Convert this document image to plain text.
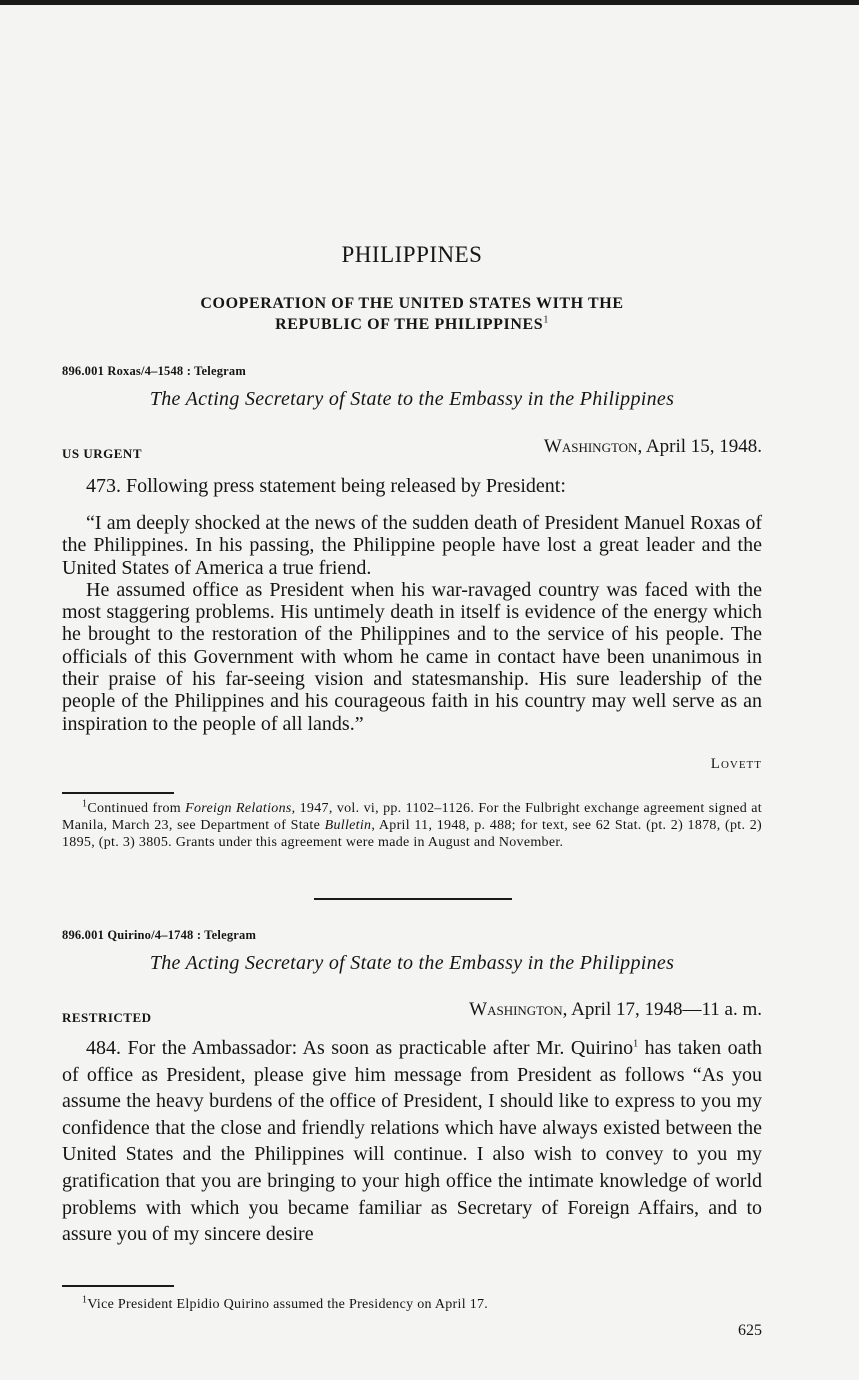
PHILIPPINES
COOPERATION OF THE UNITED STATES WITH THE
REPUBLIC OF THE PHILIPPINES$^1$
896.001 Roxas/4–1548 : Telegram
The Acting Secretary of State to the Embassy in the Philippines
US URGENT	Washington, April 15, 1948.

473. Following press statement being released by President:

“I am deeply shocked at the news of the sudden death of President Manuel Roxas of the Philippines. In his passing, the Philippine people have lost a great leader and the United States of America a true friend.

He assumed office as President when his war-ravaged country was faced with the most staggering problems. His untimely death in itself is evidence of the energy which he brought to the restoration of the Philippines and to the service of his people. The officials of this Government with whom he came in contact have been unanimous in their praise of his far-seeing vision and statesmanship. His sure leadership of the people of the Philippines and his courageous faith in his country may well serve as an inspiration to the people of all lands.”

Lovett

$^1$Continued from Foreign Relations, 1947, vol. vi, pp. 1102–1126. For the Fulbright exchange agreement signed at Manila, March 23, see Department of State Bulletin, April 11, 1948, p. 488; for text, see 62 Stat. (pt. 2) 1878, (pt. 2) 1895, (pt. 3) 3805. Grants under this agreement were made in August and November.

896.001 Quirino/4–1748 : Telegram
The Acting Secretary of State to the Embassy in the Philippines
RESTRICTED	Washington, April 17, 1948—11 a. m.

484. For the Ambassador: As soon as practicable after Mr. Quirino$^1$ has taken oath of office as President, please give him message from President as follows “As you assume the heavy burdens of the office of President, I should like to express to you my confidence that the close and friendly relations which have always existed between the United States and the Philippines will continue. I also wish to convey to you my gratification that you are bringing to your high office the intimate knowledge of world problems with which you became familiar as Secretary of Foreign Affairs, and to assure you of my sincere desire

$^1$Vice President Elpidio Quirino assumed the Presidency on April 17.

625
